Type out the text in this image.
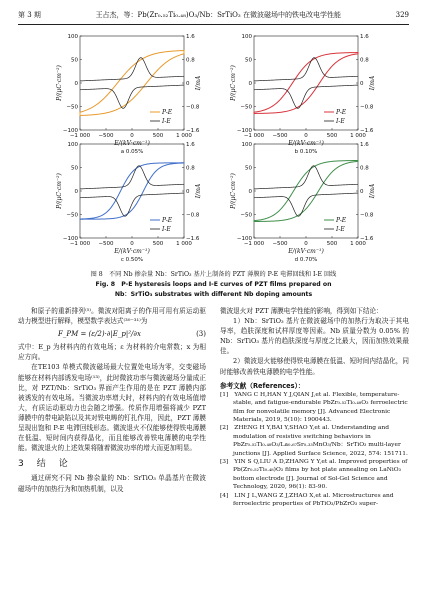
第 3 期	王占杰，等：Pb(Zr₀.₅₂Ti₀.₄₈)O₃/Nb：SrTiO₃ 在微波磁场中的铁电改电学性能	329
−1 000 −500	0	500 1 000
100
50
0
−50
−100
1.6
0.8
0
−0.8
−1.6
P/(μC·cm⁻²)	I/mA
E/(kV·cm⁻¹)
P-E
I-E
a 0.05%
−1 000 −500	0	500 1 000
100
50
0
−50
−100
1.6
0.8
0
−0.8
−1.6
P/(μC·cm⁻²)	I/mA
E/(kV·cm⁻¹)
P-E
I-E
b 0.10%
−1 000 −500	0	500 1 000
100
50
0
−50
−100
1.6
0.8
0
−0.8
−1.6
P/(μC·cm⁻²)	I/mA
E/(kV·cm⁻¹)
P-E
I-E
c 0.50%
−1 000 −500	0	500 1 000
100
50
0
−50
−100
1.6
0.8
0
−0.8
−1.6
P/(μC·cm⁻²)	I/mA
E/(kV·cm⁻¹)
P-E
I-E
d 0.70%
图 8　不同 Nb 掺杂量 Nb：SrTiO₃ 基片上制备的 PZT 薄膜的 P-E 电滞回线和 I-E 回线
Fig. 8　P-E hysteresis loops and I-E curves of PZT films prepared on
Nb：SrTiO₃ substrates with different Nb doping amounts

和原子的重新排列⁽⁵⁾。微波对阳离子的作用可用有质运动驱动力模型进行解释，模型数学表达式⁽³⁰⁻³¹⁾为

F_PM = (ε/2)·∂|E_p|²/∂x	(3)

式中：E_p 为材料内的有效电场；ε 为材料的介电常数；x 为相应方向。

在TE103 单模式微波磁场最大位置处电场为零，交变磁场能够在材料内部诱发电场⁽¹³⁾，此时微波功率与微波磁场分量成正比，对 PZT/Nb：SrTiO₃ 界面产生作用的是在 PZT 薄膜内部被诱发的有效电场。当微波功率增大时，材料内的有效电场值增大，有质运动驱动力也会随之增强。传质作用增强将减少 PZT 薄膜中的带电缺陷以及其对铁电畴的钉扎作用，因此，PZT 薄膜呈现出饱和 P-E 电滞回线形态。微波退火不仅能够使得铁电薄膜在低温、短时间内获得晶化，而且能够改善铁电薄膜的电学性能。微波退火的上述效果将随着微波功率的增大而更加明显。

3　结　论

通过研究不同 Nb 掺杂量的 Nb：SrTiO₃ 单晶基片在微波磁场中的加热行为和加热机制，以及

微波退火对 PZT 薄膜电学性能的影响，得到如下结论：

1）Nb：SrTiO₃ 基片在微波磁场中的加热行为取决于其电导率，趋肤深度和试样厚度等因素。Nb 质量分数为 0.05% 的 Nb：SrTiO₃ 基片的趋肤深度与厚度之比最大，因而加热效果最佳。

2）微波退火能够使得铁电薄膜在低温、短时间内结晶化，同时能够改善铁电薄膜的电学性能。

参考文献（References）：
[1]　YANG C H,HAN Y J,QIAN J,et al. Flexible, temperature-stable, and fatigue-endurable PbZr₀.₅₂Ti₀.₄₈O₃ ferroelectric film for nonvolatile memory [J]. Advanced Electronic Materials, 2019, 5(10): 1900443.
[2]　ZHENG H Y,BAI Y,SHAO Y,et al. Understanding and modulation of resistive switching behaviors in PbZr₀.₅₂Ti₀.₄₈O₃/La₀.₆₇Sr₀.₃₃MnO₃/Nb：SrTiO₃ multi-layer junctions [J]. Applied Surface Science, 2022, 574: 151711.
[3]　YIN S Q,LIU A D,ZHANG Y Y,et al. Improved properties of Pb(Zr₀.₅₂Ti₀.₄₈)O₃ films by hot plate annealing on LaNiO₃ bottom electrode [J]. Journal of Sol-Gel Science and Technology, 2020, 96(1): 83-90.
[4]　LIN J L,WANG Z J,ZHAO X,et al. Microstructures and ferroelectric properties of PbTiO₃/PbZrO₃ super-
